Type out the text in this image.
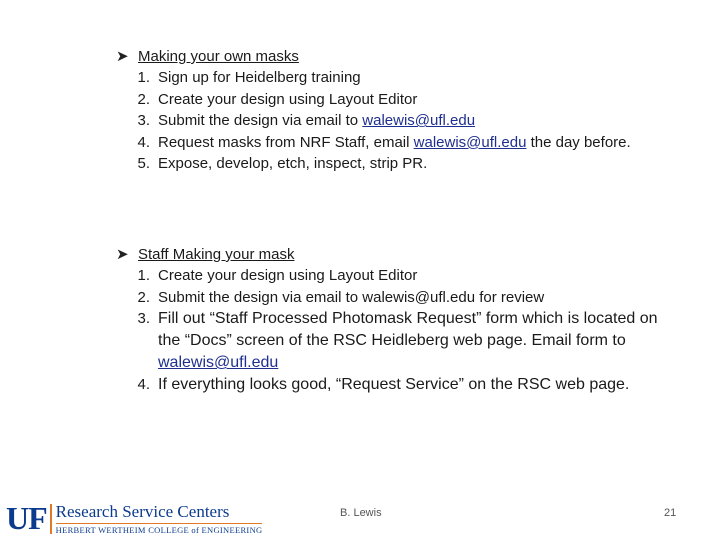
➤ Making your own masks
1. Sign up for Heidelberg training
2. Create your design using Layout Editor
3. Submit the design via email to walewis@ufl.edu
4. Request masks from NRF Staff, email walewis@ufl.edu the day before.
5. Expose, develop, etch, inspect, strip PR.
➤ Staff Making your mask
1. Create your design using Layout Editor
2. Submit the design via email to walewis@ufl.edu for review
3. Fill out “Staff Processed Photomask Request” form which is located on the “Docs” screen of the RSC Heidleberg web page. Email form to walewis@ufl.edu
4. If everything looks good, “Request Service” on the RSC web page.
UF Research Service Centers
HERBERT WERTHEIM COLLEGE of ENGINEERING
B. Lewis	21
